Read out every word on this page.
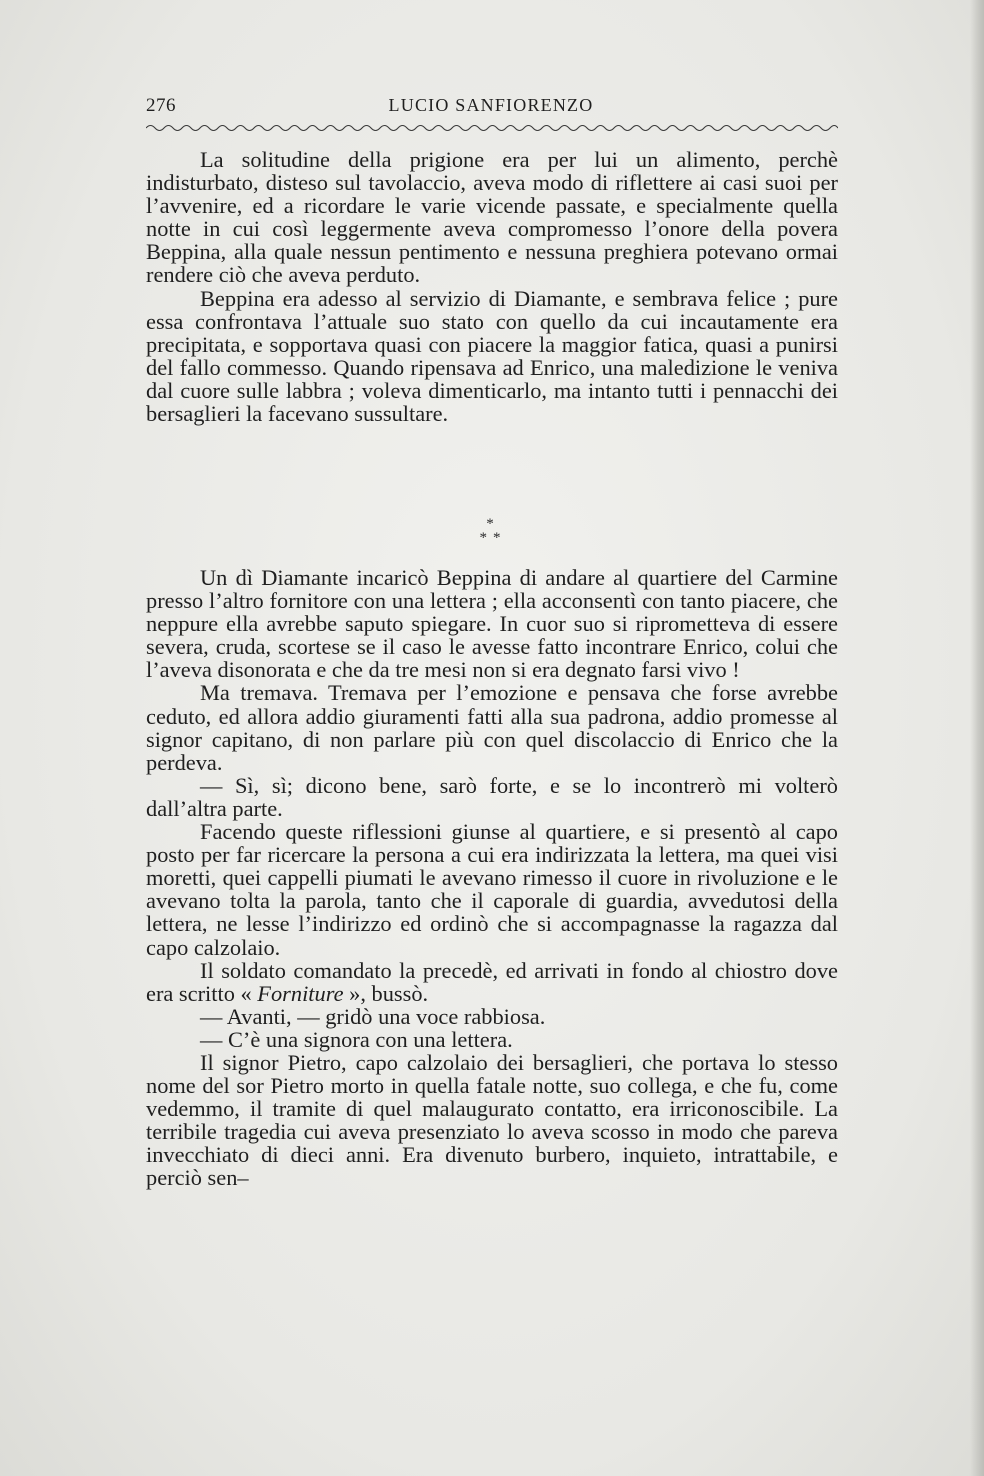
276	LUCIO SANFIORENZO

La solitudine della prigione era per lui un alimento, perchè indisturbato, disteso sul tavolaccio, aveva modo di riflettere ai casi suoi per l’avvenire, ed a ricordare le varie vicende passate, e specialmente quella notte in cui così leggermente aveva compromesso l’onore della povera Beppina, alla quale nessun pentimento e nessuna preghiera potevano ormai rendere ciò che aveva perduto.

Beppina era adesso al servizio di Diamante, e sembrava felice ; pure essa confrontava l’attuale suo stato con quello da cui incautamente era precipitata, e sopportava quasi con piacere la maggior fatica, quasi a punirsi del fallo commesso. Quando ripensava ad Enrico, una maledizione le veniva dal cuore sulle labbra ; voleva dimenticarlo, ma intanto tutti i pennacchi dei bersaglieri la facevano sussultare.

*
**

Un dì Diamante incaricò Beppina di andare al quartiere del Carmine presso l’altro fornitore con una lettera ; ella acconsentì con tanto piacere, che neppure ella avrebbe saputo spiegare. In cuor suo si riprometteva di essere severa, cruda, scortese se il caso le avesse fatto incontrare Enrico, colui che l’aveva disonorata e che da tre mesi non si era degnato farsi vivo !

Ma tremava. Tremava per l’emozione e pensava che forse avrebbe ceduto, ed allora addio giuramenti fatti alla sua padrona, addio promesse al signor capitano, di non parlare più con quel discolaccio di Enrico che la perdeva.

— Sì, sì; dicono bene, sarò forte, e se lo incontrerò mi volterò dall’altra parte.

Facendo queste riflessioni giunse al quartiere, e si presentò al capo posto per far ricercare la persona a cui era indirizzata la lettera, ma quei visi moretti, quei cappelli piumati le avevano rimesso il cuore in rivoluzione e le avevano tolta la parola, tanto che il caporale di guardia, avvedutosi della lettera, ne lesse l’indirizzo ed ordinò che si accompagnasse la ragazza dal capo calzolaio.

Il soldato comandato la precedè, ed arrivati in fondo al chiostro dove era scritto « Forniture », bussò.

— Avanti, — gridò una voce rabbiosa.

— C’è una signora con una lettera.

Il signor Pietro, capo calzolaio dei bersaglieri, che portava lo stesso nome del sor Pietro morto in quella fatale notte, suo collega, e che fu, come vedemmo, il tramite di quel malaugurato contatto, era irriconoscibile. La terribile tragedia cui aveva presenziato lo aveva scosso in modo che pareva invecchiato di dieci anni. Era divenuto burbero, inquieto, intrattabile, e perciò sen–
